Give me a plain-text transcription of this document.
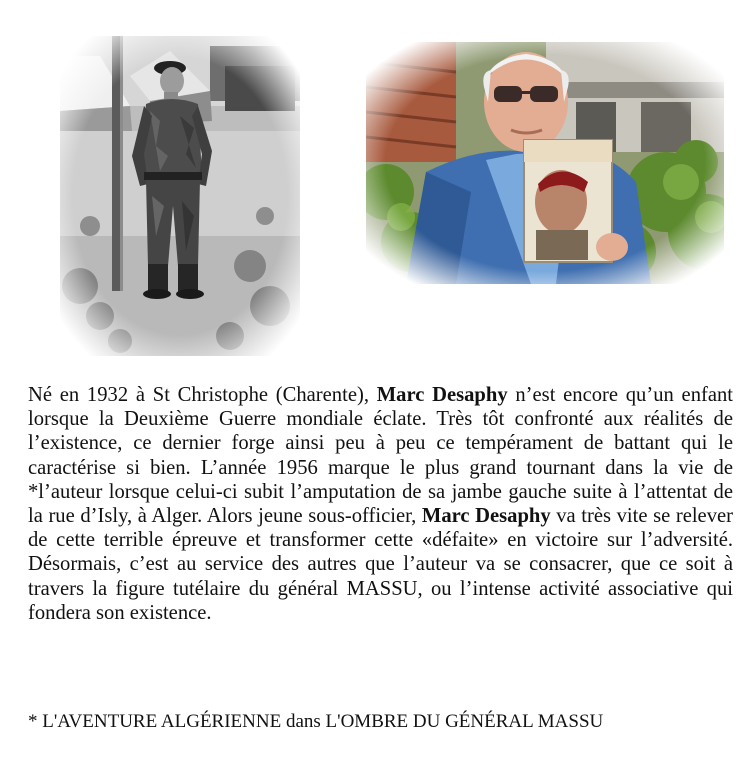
Né en 1932 à St Christophe (Charente), Marc Desaphy n’est encore qu’un enfant lorsque la Deuxième Guerre mondiale éclate. Très tôt confronté aux réalités de l’existence, ce dernier forge ainsi peu à peu ce tempérament de battant qui le caractérise si bien. L’année 1956 marque le plus grand tournant dans la vie de *l’auteur lorsque celui-ci subit l’amputation de sa jambe gauche suite à l’attentat de la rue d’Isly, à Alger. Alors jeune sous-officier, Marc Desaphy va très vite se relever de cette terrible épreuve et transformer cette «défaite» en victoire sur l’adversité. Désormais, c’est au service des autres que l’auteur va se consacrer, que ce soit à travers la figure tutélaire du général MASSU, ou l’intense activité associative qui fondera son existence.

* L'AVENTURE ALGÉRIENNE dans L'OMBRE DU GÉNÉRAL MASSU
